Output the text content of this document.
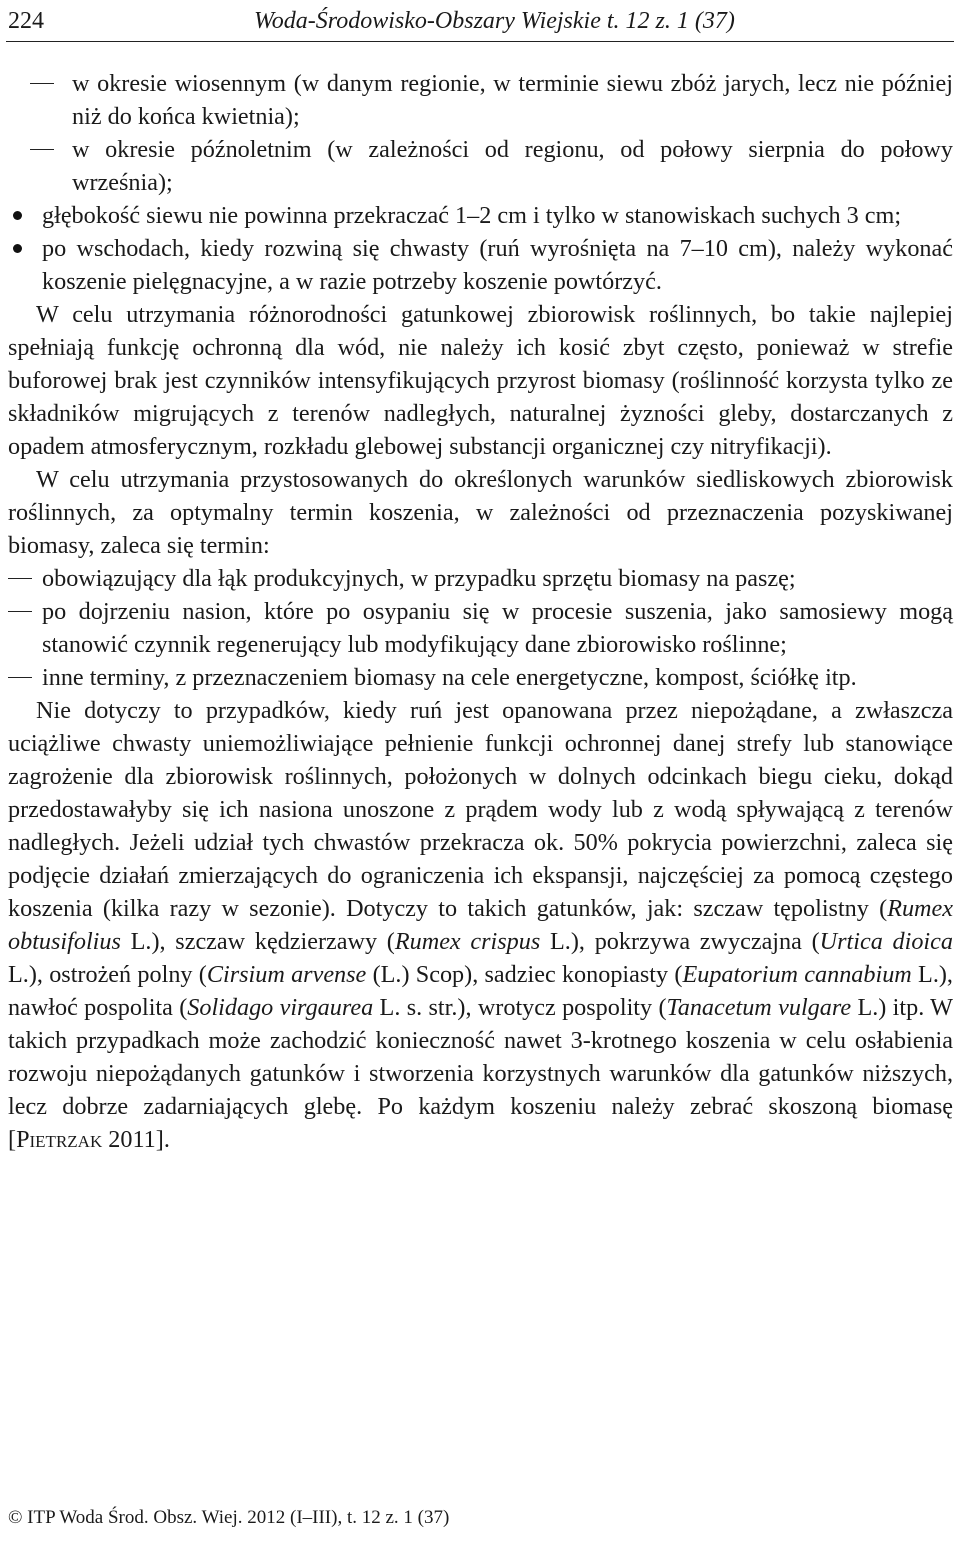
224	Woda-Środowisko-Obszary Wiejskie t. 12 z. 1 (37)

w okresie wiosennym (w danym regionie, w terminie siewu zbóż jarych, lecz nie później niż do końca kwietnia);

w okresie późnoletnim (w zależności od regionu, od połowy sierpnia do połowy września);

głębokość siewu nie powinna przekraczać 1–2 cm i tylko w stanowiskach suchych 3 cm;

po wschodach, kiedy rozwiną się chwasty (ruń wyrośnięta na 7–10 cm), należy wykonać koszenie pielęgnacyjne, a w razie potrzeby koszenie powtórzyć.

W celu utrzymania różnorodności gatunkowej zbiorowisk roślinnych, bo takie najlepiej spełniają funkcję ochronną dla wód, nie należy ich kosić zbyt często, ponieważ w strefie buforowej brak jest czynników intensyfikujących przyrost biomasy (roślinność korzysta tylko ze składników migrujących z terenów nadległych, naturalnej żyzności gleby, dostarczanych z opadem atmosferycznym, rozkładu glebowej substancji organicznej czy nitryfikacji).

W celu utrzymania przystosowanych do określonych warunków siedliskowych zbiorowisk roślinnych, za optymalny termin koszenia, w zależności od przeznaczenia pozyskiwanej biomasy, zaleca się termin:

obowiązujący dla łąk produkcyjnych, w przypadku sprzętu biomasy na paszę;

po dojrzeniu nasion, które po osypaniu się w procesie suszenia, jako samosiewy mogą stanowić czynnik regenerujący lub modyfikujący dane zbiorowisko roślinne;

inne terminy, z przeznaczeniem biomasy na cele energetyczne, kompost, ściółkę itp.

Nie dotyczy to przypadków, kiedy ruń jest opanowana przez niepożądane, a zwłaszcza uciążliwe chwasty uniemożliwiające pełnienie funkcji ochronnej danej strefy lub stanowiące zagrożenie dla zbiorowisk roślinnych, położonych w dolnych odcinkach biegu cieku, dokąd przedostawałyby się ich nasiona unoszone z prądem wody lub z wodą spływającą z terenów nadległych. Jeżeli udział tych chwastów przekracza ok. 50% pokrycia powierzchni, zaleca się podjęcie działań zmierzających do ograniczenia ich ekspansji, najczęściej za pomocą częstego koszenia (kilka razy w sezonie). Dotyczy to takich gatunków, jak: szczaw tępolistny (Rumex obtusifolius L.), szczaw kędzierzawy (Rumex crispus L.), pokrzywa zwyczajna (Urtica dioica L.), ostrożeń polny (Cirsium arvense (L.) Scop), sadziec konopiasty (Eupatorium cannabium L.), nawłoć pospolita (Solidago virgaurea L. s. str.), wrotycz pospolity (Tanacetum vulgare L.) itp. W takich przypadkach może zachodzić konieczność nawet 3-krotnego koszenia w celu osłabienia rozwoju niepożądanych gatunków i stworzenia korzystnych warunków dla gatunków niższych, lecz dobrze zadarniających glebę. Po każdym koszeniu należy zebrać skoszoną biomasę [Pietrzak 2011].

© ITP Woda Środ. Obsz. Wiej. 2012 (I–III), t. 12 z. 1 (37)
